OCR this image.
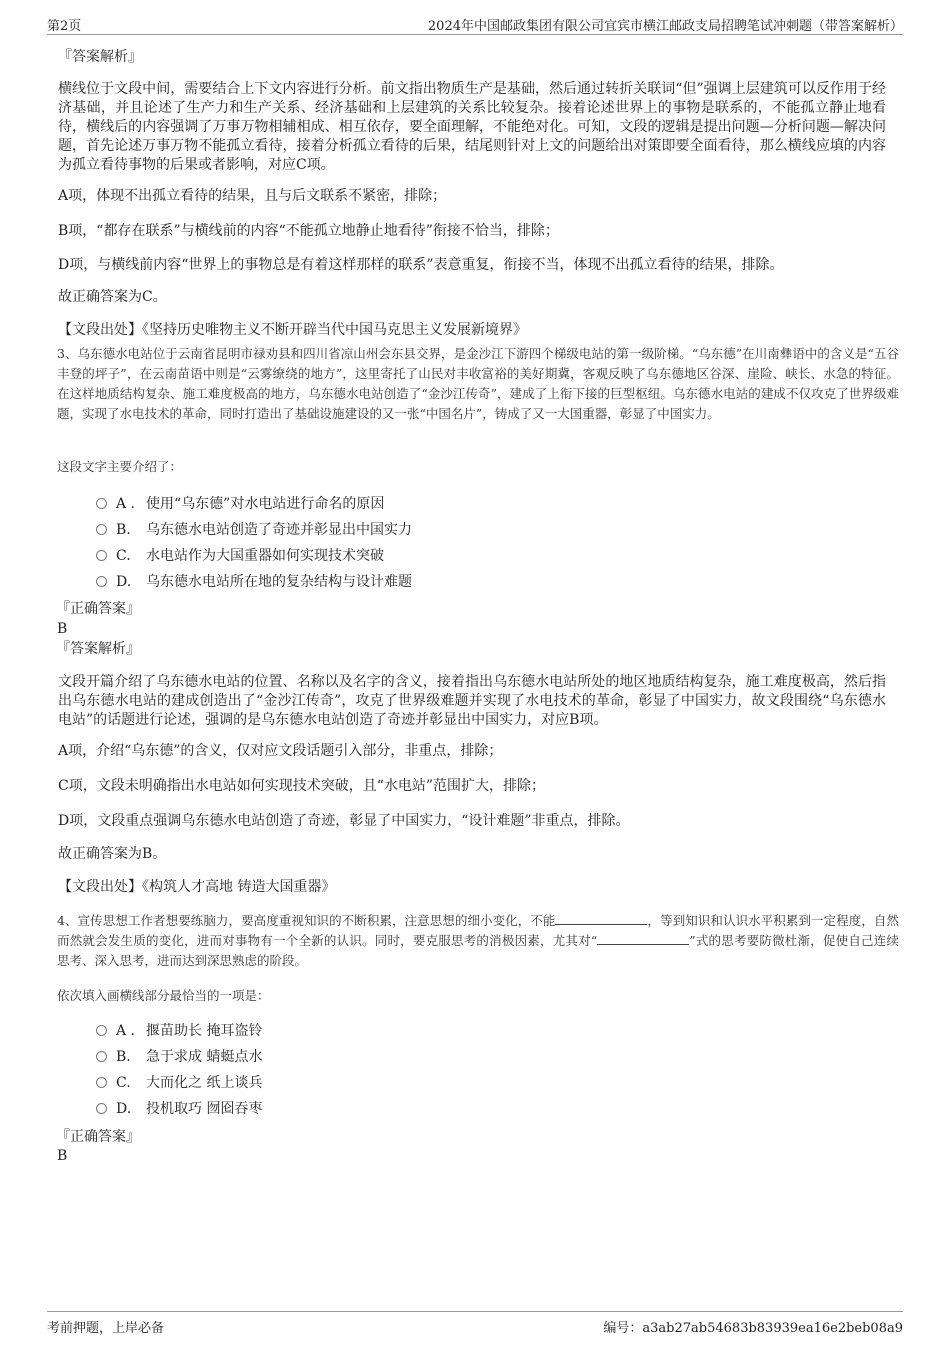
第2页	2024年中国邮政集团有限公司宜宾市横江邮政支局招聘笔试冲刺题（带答案解析）
『答案解析』
横线位于文段中间，需要结合上下文内容进行分析。前文指出物质生产是基础，然后通过转折关联词“但”强调上层建筑可以反作用于经济基础，并且论述了生产力和生产关系、经济基础和上层建筑的关系比较复杂。接着论述世界上的事物是联系的，不能孤立静止地看待，横线后的内容强调了万事万物相辅相成、相互依存，要全面理解，不能绝对化。可知，文段的逻辑是提出问题—分析问题—解决问题，首先论述万事万物不能孤立看待，接着分析孤立看待的后果，结尾则针对上文的问题给出对策即要全面看待，那么横线应填的内容为孤立看待事物的后果或者影响，对应C项。
A项，体现不出孤立看待的结果，且与后文联系不紧密，排除；
B项，“都存在联系”与横线前的内容“不能孤立地静止地看待”衔接不恰当，排除；
D项，与横线前内容“世界上的事物总是有着这样那样的联系”表意重复，衔接不当，体现不出孤立看待的结果，排除。
故正确答案为C。
【文段出处】《坚持历史唯物主义不断开辟当代中国马克思主义发展新境界》
3、乌东德水电站位于云南省昆明市禄劝县和四川省凉山州会东县交界，是金沙江下游四个梯级电站的第一级阶梯。“乌东德”在川南彝语中的含义是“五谷丰登的坪子”，在云南苗语中则是“云雾缭绕的地方”，这里寄托了山民对丰收富裕的美好期冀，客观反映了乌东德地区谷深、崖险、峡长、水急的特征。在这样地质结构复杂、施工难度极高的地方，乌东德水电站创造了“金沙江传奇”，建成了上衔下接的巨型枢纽。乌东德水电站的建成不仅攻克了世界级难题，实现了水电技术的革命，同时打造出了基础设施建设的又一张“中国名片”，铸成了又一大国重器，彰显了中国实力。
这段文字主要介绍了：
A . 使用“乌东德”对水电站进行命名的原因
B. 乌东德水电站创造了奇迹并彰显出中国实力
C. 水电站作为大国重器如何实现技术突破
D. 乌东德水电站所在地的复杂结构与设计难题
『正确答案』
B
『答案解析』
文段开篇介绍了乌东德水电站的位置、名称以及名字的含义，接着指出乌东德水电站所处的地区地质结构复杂，施工难度极高，然后指出乌东德水电站的建成创造出了“金沙江传奇”，攻克了世界级难题并实现了水电技术的革命，彰显了中国实力，故文段围绕“乌东德水电站”的话题进行论述，强调的是乌东德水电站创造了奇迹并彰显出中国实力，对应B项。
A项，介绍“乌东德”的含义，仅对应文段话题引入部分，非重点，排除；
C项，文段未明确指出水电站如何实现技术突破，且“水电站”范围扩大，排除；
D项，文段重点强调乌东德水电站创造了奇迹，彰显了中国实力，“设计难题”非重点，排除。
故正确答案为B。
【文段出处】《构筑人才高地 铸造大国重器》
4、宣传思想工作者想要练脑力，要高度重视知识的不断积累，注意思想的细小变化，不能	，等到知识和认识水平积累到一定程度，自然而然就会发生质的变化，进而对事物有一个全新的认识。同时，要克服思考的消极因素，尤其对“	”式的思考要防微杜渐，促使自己连续思考、深入思考，进而达到深思熟虑的阶段。
依次填入画横线部分最恰当的一项是：
A . 揠苗助长 掩耳盗铃
B. 急于求成 蜻蜓点水
C. 大而化之 纸上谈兵
D. 投机取巧 囫囵吞枣
『正确答案』
B
考前押题，上岸必备	编号：a3ab27ab54683b83939ea16e2beb08a9
